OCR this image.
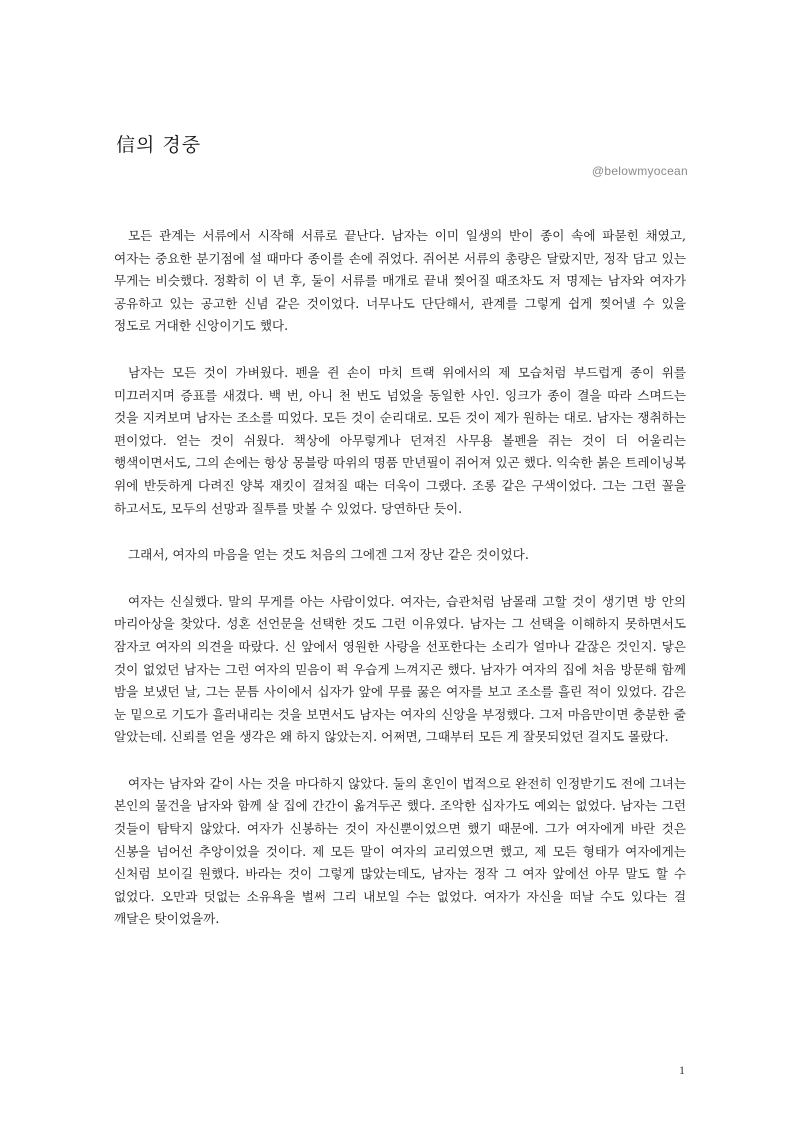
信의 경중
@belowmyocean

모든 관계는 서류에서 시작해 서류로 끝난다. 남자는 이미 일생의 반이 종이 속에 파묻힌 채였고, 여자는 중요한 분기점에 설 때마다 종이를 손에 쥐었다. 쥐어본 서류의 총량은 달랐지만, 정작 담고 있는 무게는 비슷했다. 정확히 이 년 후, 둘이 서류를 매개로 끝내 찢어질 때조차도 저 명제는 남자와 여자가 공유하고 있는 공고한 신념 같은 것이었다. 너무나도 단단해서, 관계를 그렇게 쉽게 찢어낼 수 있을 정도로 거대한 신앙이기도 했다.

남자는 모든 것이 가벼웠다. 펜을 쥔 손이 마치 트랙 위에서의 제 모습처럼 부드럽게 종이 위를 미끄러지며 증표를 새겼다. 백 번, 아니 천 번도 넘었을 동일한 사인. 잉크가 종이 결을 따라 스며드는 것을 지켜보며 남자는 조소를 띠었다. 모든 것이 순리대로. 모든 것이 제가 원하는 대로. 남자는 쟁취하는 편이었다. 얻는 것이 쉬웠다. 책상에 아무렇게나 던져진 사무용 볼펜을 쥐는 것이 더 어울리는 행색이면서도, 그의 손에는 항상 몽블랑 따위의 명품 만년필이 쥐어져 있곤 했다. 익숙한 붉은 트레이닝복 위에 반듯하게 다려진 양복 재킷이 걸쳐질 때는 더욱이 그랬다. 조롱 같은 구색이었다. 그는 그런 꼴을 하고서도, 모두의 선망과 질투를 맛볼 수 있었다. 당연하단 듯이.

그래서, 여자의 마음을 얻는 것도 처음의 그에겐 그저 장난 같은 것이었다.

여자는 신실했다. 말의 무게를 아는 사람이었다. 여자는, 습관처럼 남몰래 고할 것이 생기면 방 안의 마리아상을 찾았다. 성혼 선언문을 선택한 것도 그런 이유였다. 남자는 그 선택을 이해하지 못하면서도 잠자코 여자의 의견을 따랐다. 신 앞에서 영원한 사랑을 선포한다는 소리가 얼마나 같잖은 것인지. 닿은 것이 없었던 남자는 그런 여자의 믿음이 퍽 우습게 느껴지곤 했다. 남자가 여자의 집에 처음 방문해 함께 밤을 보냈던 날, 그는 문틈 사이에서 십자가 앞에 무릎 꿇은 여자를 보고 조소를 흘린 적이 있었다. 감은 눈 밑으로 기도가 흘러내리는 것을 보면서도 남자는 여자의 신앙을 부정했다. 그저 마음만이면 충분한 줄 알았는데. 신뢰를 얻을 생각은 왜 하지 않았는지. 어쩌면, 그때부터 모든 게 잘못되었던 걸지도 몰랐다.

여자는 남자와 같이 사는 것을 마다하지 않았다. 둘의 혼인이 법적으로 완전히 인정받기도 전에 그녀는 본인의 물건을 남자와 함께 살 집에 간간이 옮겨두곤 했다. 조악한 십자가도 예외는 없었다. 남자는 그런 것들이 탐탁지 않았다. 여자가 신봉하는 것이 자신뿐이었으면 했기 때문에. 그가 여자에게 바란 것은 신봉을 넘어선 추앙이었을 것이다. 제 모든 말이 여자의 교리였으면 했고, 제 모든 형태가 여자에게는 신처럼 보이길 원했다. 바라는 것이 그렇게 많았는데도, 남자는 정작 그 여자 앞에선 아무 말도 할 수 없었다. 오만과 덧없는 소유욕을 벌써 그리 내보일 수는 없었다. 여자가 자신을 떠날 수도 있다는 걸 깨달은 탓이었을까.

1
